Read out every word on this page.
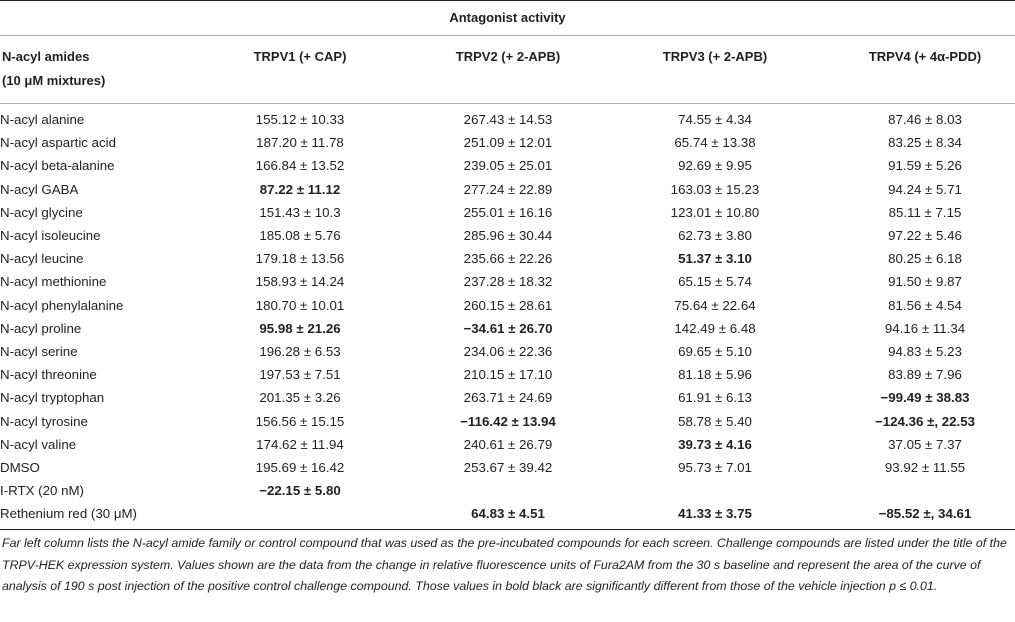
Antagonist activity
N-acyl amides
(10 μM mixtures)
TRPV1 (+ CAP)	TRPV2 (+ 2-APB)	TRPV3 (+ 2-APB)	TRPV4 (+ 4α-PDD)
N-acyl alanine	155.12 ± 10.33		267.43 ± 14.53		74.55 ± 4.34		87.46 ± 8.03
N-acyl aspartic acid	187.20 ± 11.78		251.09 ± 12.01		65.74 ± 13.38		83.25 ± 8.34
N-acyl beta-alanine	166.84 ± 13.52		239.05 ± 25.01		92.69 ± 9.95		91.59 ± 5.26
N-acyl GABA	87.22 ± 11.12		277.24 ± 22.89		163.03 ± 15.23		94.24 ± 5.71
N-acyl glycine	151.43 ± 10.3		255.01 ± 16.16		123.01 ± 10.80		85.11 ± 7.15
N-acyl isoleucine	185.08 ± 5.76		285.96 ± 30.44		62.73 ± 3.80		97.22 ± 5.46
N-acyl leucine	179.18 ± 13.56		235.66 ± 22.26		51.37 ± 3.10		80.25 ± 6.18
N-acyl methionine	158.93 ± 14.24		237.28 ± 18.32		65.15 ± 5.74		91.50 ± 9.87
N-acyl phenylalanine	180.70 ± 10.01		260.15 ± 28.61		75.64 ± 22.64		81.56 ± 4.54
N-acyl proline	95.98 ± 21.26		−34.61 ± 26.70		142.49 ± 6.48		94.16 ± 11.34
N-acyl serine	196.28 ± 6.53		234.06 ± 22.36		69.65 ± 5.10		94.83 ± 5.23
N-acyl threonine	197.53 ± 7.51		210.15 ± 17.10		81.18 ± 5.96		83.89 ± 7.96
N-acyl tryptophan	201.35 ± 3.26		263.71 ± 24.69		61.91 ± 6.13		−99.49 ± 38.83
N-acyl tyrosine	156.56 ± 15.15		−116.42 ± 13.94		58.78 ± 5.40		−124.36 ±, 22.53
N-acyl valine	174.62 ± 11.94		240.61 ± 26.79		39.73 ± 4.16		37.05 ± 7.37
DMSO	195.69 ± 16.42		253.67 ± 39.42		95.73 ± 7.01		93.92 ± 11.55
I-RTX (20 nM)	−22.15 ± 5.80						
Rethenium red (30 μM)			64.83 ± 4.51		41.33 ± 3.75		−85.52 ±, 34.61
Far left column lists the N-acyl amide family or control compound that was used as the pre-incubated compounds for each screen. Challenge compounds are listed under the title of the TRPV-HEK expression system. Values shown are the data from the change in relative fluorescence units of Fura2AM from the 30 s baseline and represent the area of the curve of analysis of 190 s post injection of the positive control challenge compound. Those values in bold black are significantly different from those of the vehicle injection p ≤ 0.01.
